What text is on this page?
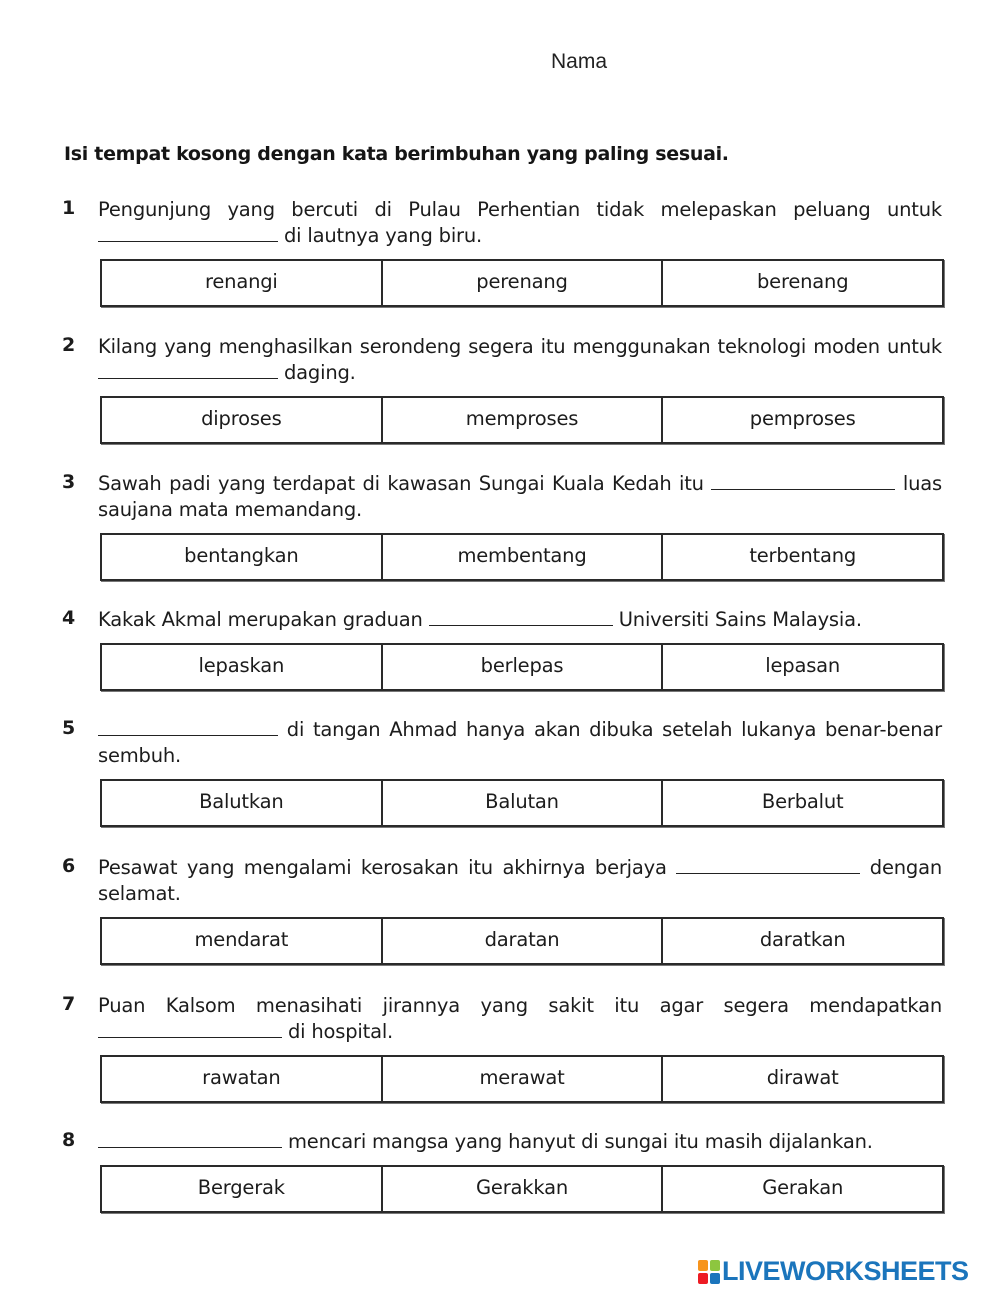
Nama
Isi tempat kosong dengan kata berimbuhan yang paling sesuai.
1	Pengunjung yang bercuti di Pulau Perhentian tidak melepaskan peluang untuk  di lautnya yang biru.
renangi	perenang	berenang
2	Kilang yang menghasilkan serondeng segera itu menggunakan teknologi moden untuk  daging.
diproses	memproses	pemproses
3	Sawah padi yang terdapat di kawasan Sungai Kuala Kedah itu	luas saujana mata memandang.
bentangkan	membentang	terbentang
4	Kakak Akmal merupakan graduan	Universiti Sains Malaysia.
lepaskan	berlepas	lepasan
5	di tangan Ahmad hanya akan dibuka setelah lukanya benar-benar sembuh.
Balutkan	Balutan	Berbalut
6	Pesawat yang mengalami kerosakan itu akhirnya berjaya	dengan selamat.
mendarat	daratan	daratkan
7	Puan Kalsom menasihati jirannya yang sakit itu agar segera mendapatkan  di hospital.
rawatan	merawat	dirawat
8	mencari mangsa yang hanyut di sungai itu masih dijalankan.
Bergerak	Gerakkan	Gerakan
LIVEWORKSHEETS
